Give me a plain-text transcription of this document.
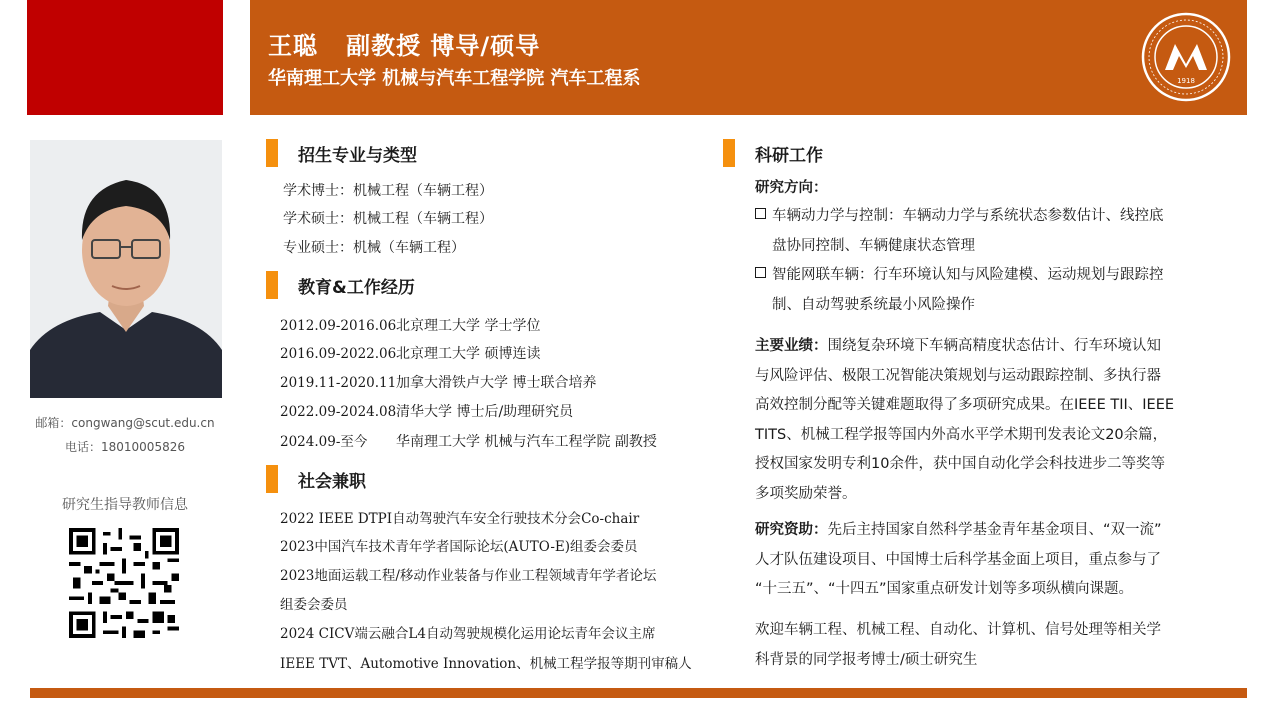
王聪 副教授 博导/硕导
华南理工大学 机械与汽车工程学院 汽车工程系	1918
邮箱：congwang@scut.edu.cn
电话：18010005826
研究生指导教师信息
招生专业与类型
学术博士：机械工程（车辆工程）
学术硕士：机械工程（车辆工程）
专业硕士：机械（车辆工程）
教育&工作经历
2012.09-2016.06北京理工大学 学士学位
2016.09-2022.06北京理工大学 硕博连读
2019.11-2020.11加拿大滑铁卢大学 博士联合培养
2022.09-2024.08清华大学 博士后/助理研究员
2024.09-至今 华南理工大学 机械与汽车工程学院 副教授
社会兼职
2022 IEEE DTPI自动驾驶汽车安全行驶技术分会Co-chair
2023中国汽车技术青年学者国际论坛(AUTO-E)组委会委员
2023地面运载工程/移动作业装备与作业工程领域青年学者论坛
组委会委员
2024 CICV端云融合L4自动驾驶规模化运用论坛青年会议主席
IEEE TVT、Automotive Innovation、机械工程学报等期刊审稿人
科研工作
研究方向：
车辆动力学与控制：车辆动力学与系统状态参数估计、线控底
盘协同控制、车辆健康状态管理
智能网联车辆：行车环境认知与风险建模、运动规划与跟踪控
制、自动驾驶系统最小风险操作
主要业绩：围绕复杂环境下车辆高精度状态估计、行车环境认知
与风险评估、极限工况智能决策规划与运动跟踪控制、多执行器
高效控制分配等关键难题取得了多项研究成果。在IEEE TII、IEEE
TITS、机械工程学报等国内外高水平学术期刊发表论文20余篇，
授权国家发明专利10余件，获中国自动化学会科技进步二等奖等
多项奖励荣誉。
研究资助：先后主持国家自然科学基金青年基金项目、“双一流”
人才队伍建设项目、中国博士后科学基金面上项目，重点参与了
“十三五”、“十四五”国家重点研发计划等多项纵横向课题。
欢迎车辆工程、机械工程、自动化、计算机、信号处理等相关学
科背景的同学报考博士/硕士研究生
